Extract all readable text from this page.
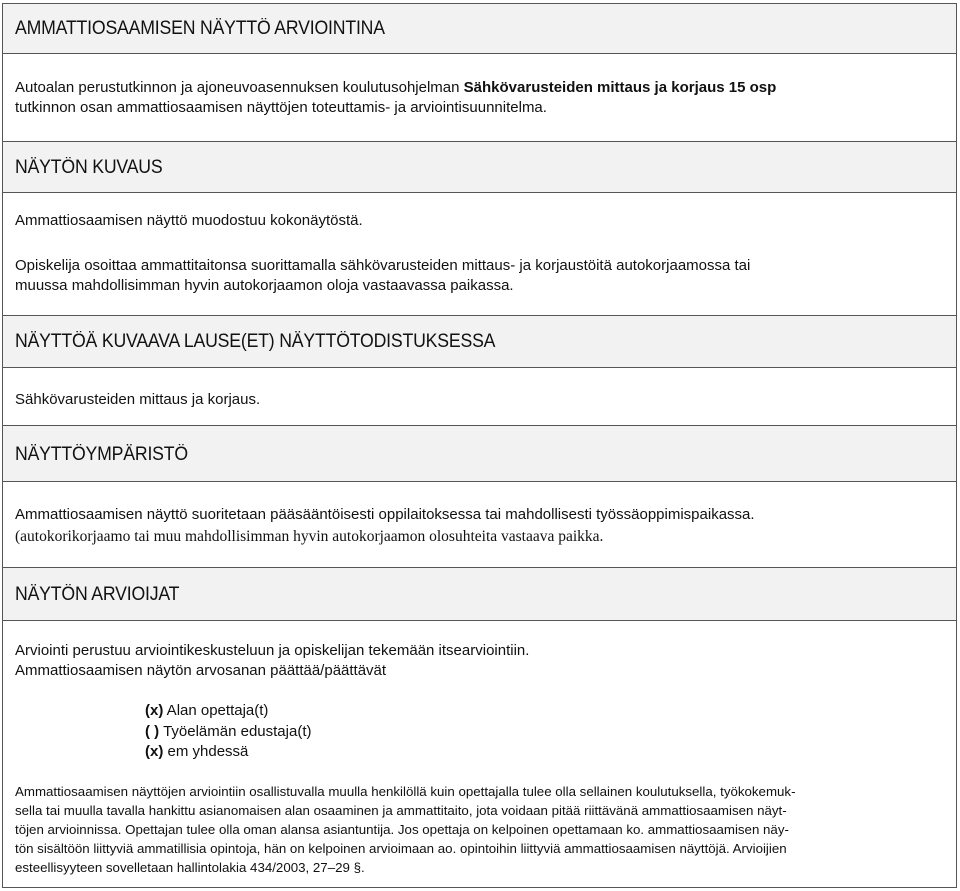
AMMATTIOSAAMISEN NÄYTTÖ ARVIOINTINA
Autoalan perustutkinnon ja ajoneuvoasennuksen koulutusohjelman Sähkövarusteiden mittaus ja korjaus 15 osp
tutkinnon osan ammattiosaamisen näyttöjen toteuttamis- ja arviointisuunnitelma.
NÄYTÖN KUVAUS
Ammattiosaamisen näyttö muodostuu kokonäytöstä.
Opiskelija osoittaa ammattitaitonsa suorittamalla sähkövarusteiden mittaus- ja korjaustöitä autokorjaamossa tai
muussa mahdollisimman hyvin autokorjaamon oloja vastaavassa paikassa.
NÄYTTÖÄ KUVAAVA LAUSE(ET) NÄYTTÖTODISTUKSESSA
Sähkövarusteiden mittaus ja korjaus.
NÄYTTÖYMPÄRISTÖ
Ammattiosaamisen näyttö suoritetaan pääsääntöisesti oppilaitoksessa tai mahdollisesti työssäoppimispaikassa.
(autokorikorjaamo tai muu mahdollisimman hyvin autokorjaamon olosuhteita vastaava paikka.
NÄYTÖN ARVIOIJAT
Arviointi perustuu arviointikeskusteluun ja opiskelijan tekemään itsearviointiin.
Ammattiosaamisen näytön arvosanan päättää/päättävät
(x) Alan opettaja(t)
( ) Työelämän edustaja(t)
(x) em yhdessä
Ammattiosaamisen näyttöjen arviointiin osallistuvalla muulla henkilöllä kuin opettajalla tulee olla sellainen koulutuksella, työkokemuk-
sella tai muulla tavalla hankittu asianomaisen alan osaaminen ja ammattitaito, jota voidaan pitää riittävänä ammattiosaamisen näyt-
töjen arvioinnissa. Opettajan tulee olla oman alansa asiantuntija. Jos opettaja on kelpoinen opettamaan ko. ammattiosaamisen näy-
tön sisältöön liittyviä ammatillisia opintoja, hän on kelpoinen arvioimaan ao. opintoihin liittyviä ammattiosaamisen näyttöjä. Arvioijien
esteellisyyteen sovelletaan hallintolakia 434/2003, 27–29 §.
